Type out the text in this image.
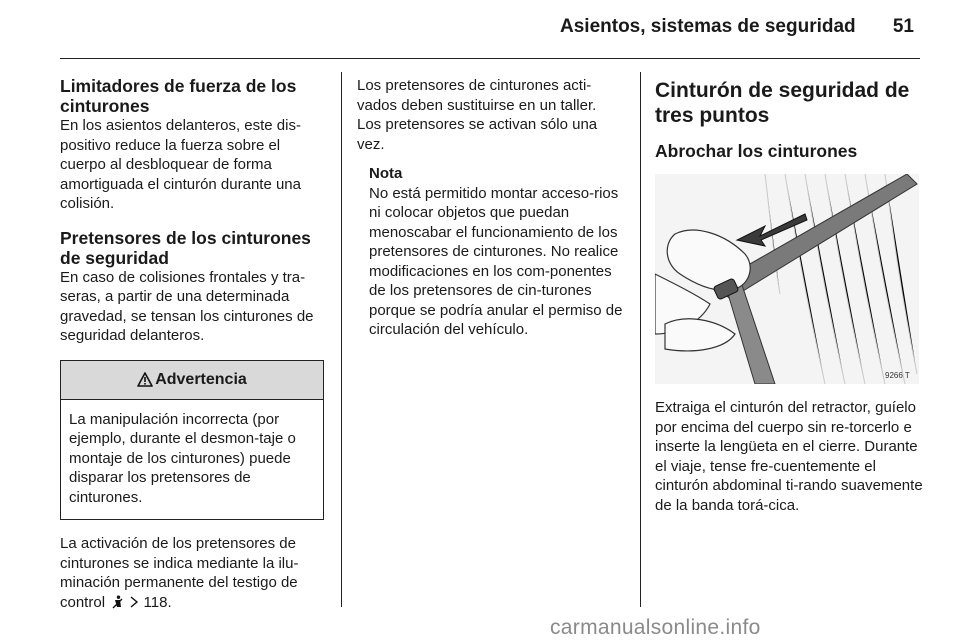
Asientos, sistemas de seguridad 51
Limitadores de fuerza de los cinturones

En los asientos delanteros, este dis-positivo reduce la fuerza sobre el cuerpo al desbloquear de forma amortiguada el cinturón durante una colisión.

Pretensores de los cinturones de seguridad

En caso de colisiones frontales y tra-seras, a partir de una determinada gravedad, se tensan los cinturones de seguridad delanteros.

Advertencia
La manipulación incorrecta (por ejemplo, durante el desmon-taje o montaje de los cinturones) puede disparar los pretensores de cinturones.

La activación de los pretensores de cinturones se indica mediante la ilu-minación permanente del testigo de control	118.

Los pretensores de cinturones acti-vados deben sustituirse en un taller. Los pretensores se activan sólo una vez.

Nota

No está permitido montar acceso-rios ni colocar objetos que puedan menoscabar el funcionamiento de los pretensores de cinturones. No realice modificaciones en los com-ponentes de los pretensores de cin-turones porque se podría anular el permiso de circulación del vehículo.

Cinturón de seguridad de tres puntos
Abrochar los cinturones
9266 T

Extraiga el cinturón del retractor, guíelo por encima del cuerpo sin re-torcerlo e inserte la lengüeta en el cierre. Durante el viaje, tense fre-cuentemente el cinturón abdominal ti-rando suavemente de la banda torá-cica.

carmanualsonline.info
